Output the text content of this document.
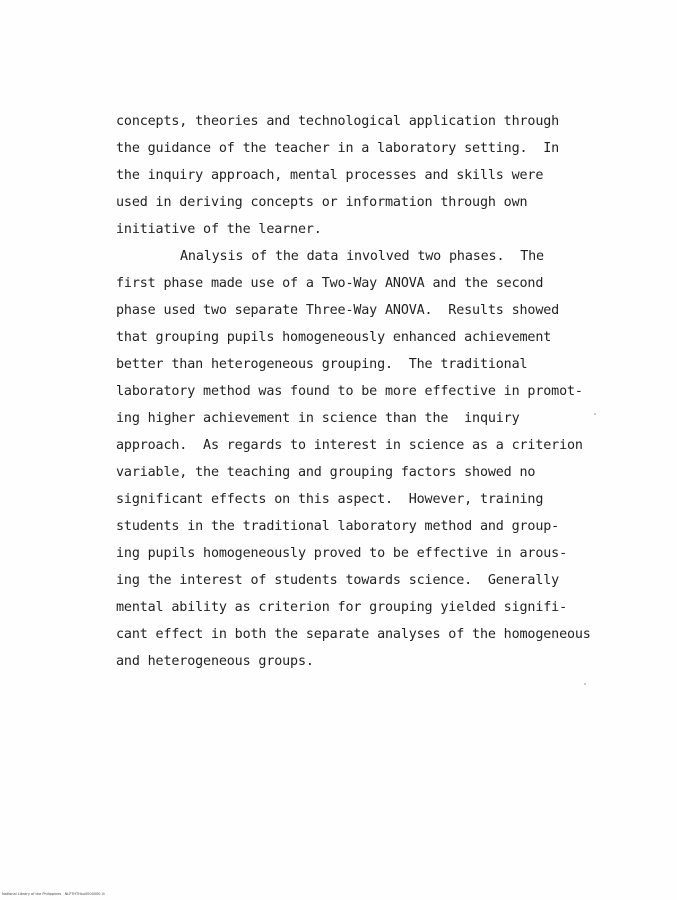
concepts, theories and technological application through
the guidance of the teacher in a laboratory setting.  In
the inquiry approach, mental processes and skills were
used in deriving concepts or information through own
initiative of the learner.
Analysis of the data involved two phases.  The
first phase made use of a Two-Way ANOVA and the second
phase used two separate Three-Way ANOVA.  Results showed
that grouping pupils homogeneously enhanced achievement
better than heterogeneous grouping.  The traditional
laboratory method was found to be more effective in promot-
ing higher achievement in science than the  inquiry
approach.  As regards to interest in science as a criterion
variable, the teaching and grouping factors showed no
significant effects on this aspect.  However, training
students in the traditional laboratory method and group-
ing pupils homogeneously proved to be effective in arous-
ing the interest of students towards science.  Generally
mental ability as criterion for grouping yielded signifi-
cant effect in both the separate analyses of the homogeneous
and heterogeneous groups.
National Library of the Philippines   NLPTHTHxx0000000 iii
